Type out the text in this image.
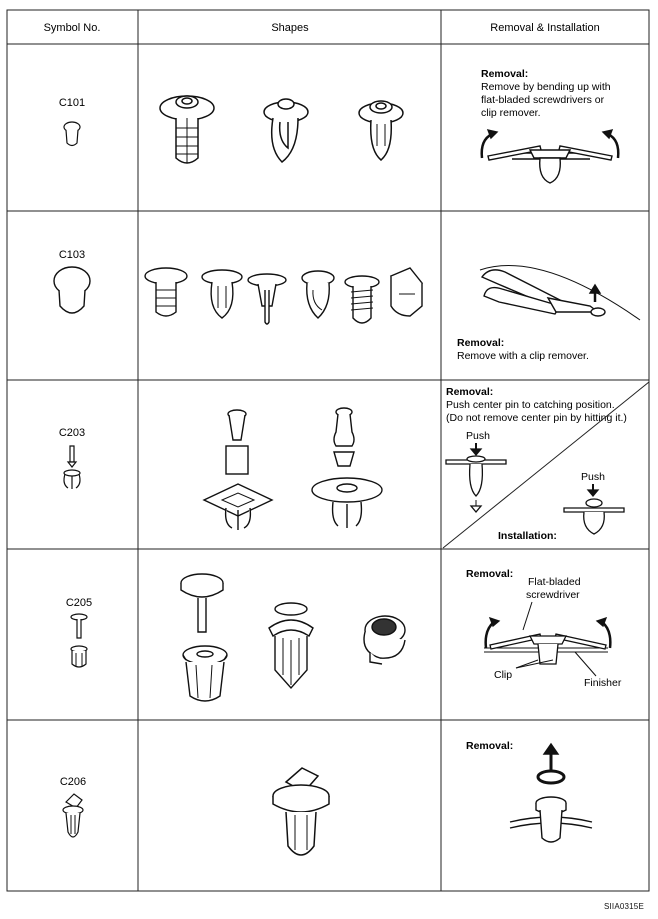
Symbol No.	Shapes	Removal & Installation
C101
Removal:
Remove by bending up with
flat-bladed screwdrivers or
clip remover.
C103
Removal:
Remove with a clip remover.
C203
Removal:
Push center pin to catching position.
(Do not remove center pin by hitting it.)
Push
Push
Installation:
C205
Removal:
Flat-bladed
screwdriver
Clip
Finisher
C206
Removal:
SIIA0315E
